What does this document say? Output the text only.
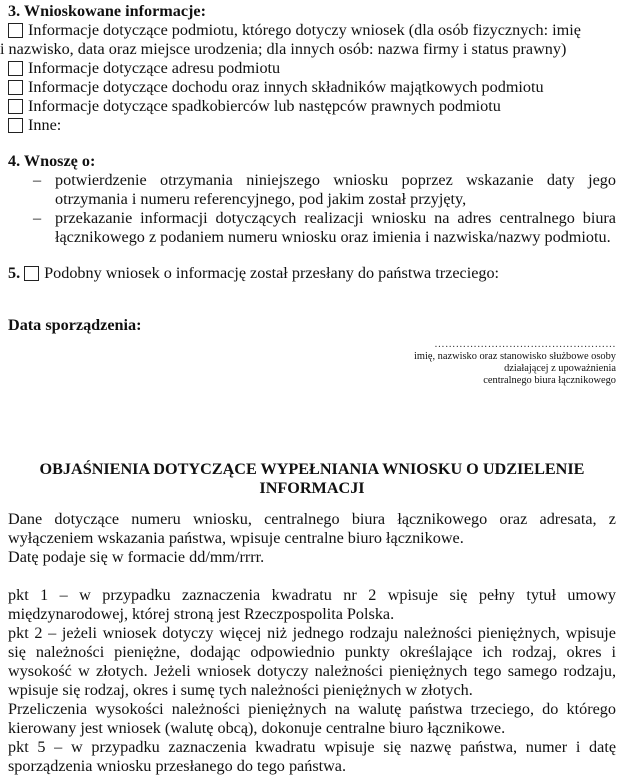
3. Wnioskowane informacje:

Informacje dotyczące podmiotu, którego dotyczy wniosek (dla osób fizycznych: imię
i nazwisko, data oraz miejsce urodzenia; dla innych osób: nazwa firmy i status prawny)
Informacje dotyczące adresu podmiotu
Informacje dotyczące dochodu oraz innych składników majątkowych podmiotu
Informacje dotyczące spadkobierców lub następców prawnych podmiotu
Inne:

4. Wnoszę o:

– potwierdzenie otrzymania niniejszego wniosku poprzez wskazanie daty jego otrzymania i numeru referencyjnego, pod jakim został przyjęty,
– przekazanie informacji dotyczących realizacji wniosku na adres centralnego biura łącznikowego z podaniem numeru wniosku oraz imienia i nazwiska/nazwy podmiotu.
5. Podobny wniosek o informację został przesłany do państwa trzeciego:
Data sporządzenia:
……………………………………………
imię, nazwisko oraz stanowisko służbowe osoby
działającej z upoważnienia
centralnego biura łącznikowego
OBJAŚNIENIA DOTYCZĄCE WYPEŁNIANIA WNIOSKU O UDZIELENIE
INFORMACJI

Dane dotyczące numeru wniosku, centralnego biura łącznikowego oraz adresata, z wyłączeniem wskazania państwa, wpisuje centralne biuro łącznikowe.

Datę podaje się w formacie dd/mm/rrrr.

pkt 1 – w przypadku zaznaczenia kwadratu nr 2 wpisuje się pełny tytuł umowy międzynarodowej, której stroną jest Rzeczpospolita Polska.

pkt 2 – jeżeli wniosek dotyczy więcej niż jednego rodzaju należności pieniężnych, wpisuje się należności pieniężne, dodając odpowiednio punkty określające ich rodzaj, okres i wysokość w złotych. Jeżeli wniosek dotyczy należności pieniężnych tego samego rodzaju, wpisuje się rodzaj, okres i sumę tych należności pieniężnych w złotych.

Przeliczenia wysokości należności pieniężnych na walutę państwa trzeciego, do którego kierowany jest wniosek (walutę obcą), dokonuje centralne biuro łącznikowe.

pkt 5 – w przypadku zaznaczenia kwadratu wpisuje się nazwę państwa, numer i datę sporządzenia wniosku przesłanego do tego państwa.
